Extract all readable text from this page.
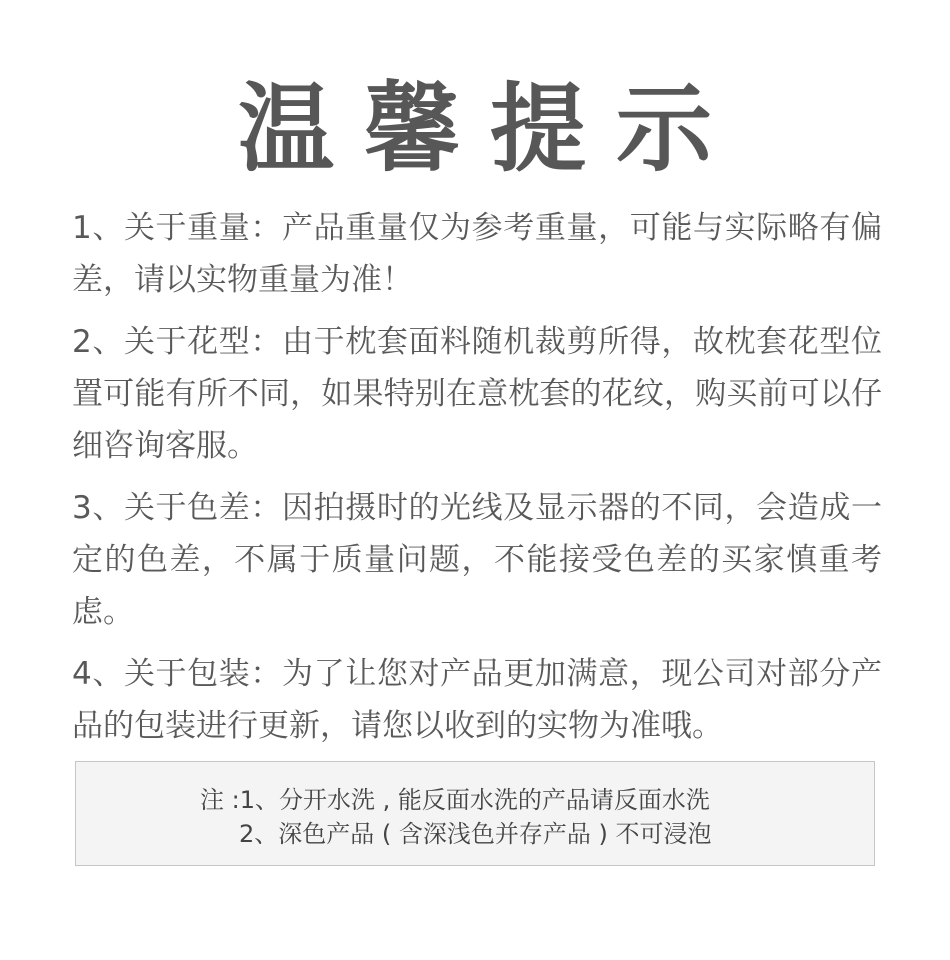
温馨提示

1、关于重量：产品重量仅为参考重量，可能与实际略有偏差，请以实物重量为准！

2、关于花型：由于枕套面料随机裁剪所得，故枕套花型位置可能有所不同，如果特别在意枕套的花纹，购买前可以仔细咨询客服。

3、关于色差：因拍摄时的光线及显示器的不同，会造成一定的色差，不属于质量问题，不能接受色差的买家慎重考虑。

4、关于包装：为了让您对产品更加满意，现公司对部分产品的包装进行更新，请您以收到的实物为准哦。

注 :1、分开水洗 , 能反面水洗的产品请反面水洗
2、深色产品 ( 含深浅色并存产品 ) 不可浸泡
